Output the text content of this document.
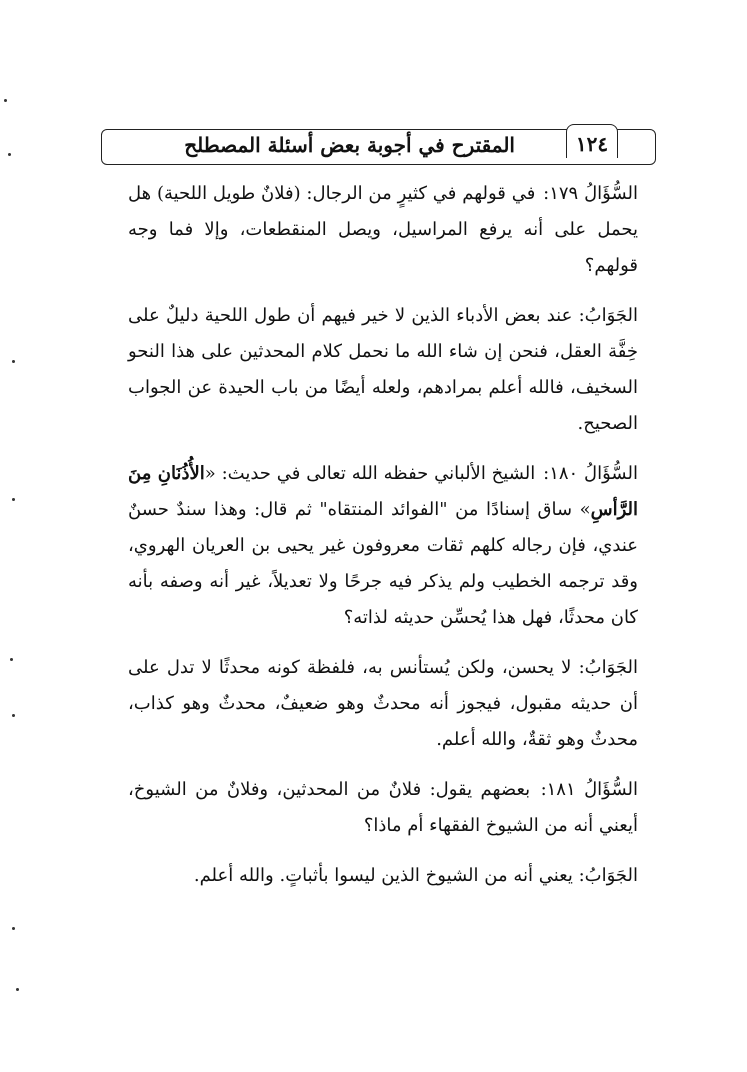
المقترح في أجوبة بعض أسئلة المصطلح	١٢٤

السُّؤَالُ ١٧٩: في قولهم في كثيرٍ من الرجال: (فلانٌ طويل اللحية) هل يحمل على أنه يرفع المراسيل، ويصل المنقطعات، وإلا فما وجه قولهم؟

الجَوَابُ: عند بعض الأدباء الذين لا خير فيهم أن طول اللحية دليلٌ على خِفَّة العقل، فنحن إن شاء الله ما نحمل كلام المحدثين على هذا النحو السخيف، فالله أعلم بمرادهم، ولعله أيضًا من باب الحيدة عن الجواب الصحيح.

السُّؤَالُ ١٨٠: الشيخ الألباني حفظه الله تعالى في حديث: «الأُذُنَانِ مِنَ الرَّأسِ» ساق إسنادًا من "الفوائد المنتقاه" ثم قال: وهذا سندٌ حسنٌ عندي، فإن رجاله كلهم ثقات معروفون غير يحيى بن العريان الهروي، وقد ترجمه الخطيب ولم يذكر فيه جرحًا ولا تعديلاً، غير أنه وصفه بأنه كان محدثًا، فهل هذا يُحسِّن حديثه لذاته؟

الجَوَابُ: لا يحسن، ولكن يُستأنس به، فلفظة كونه محدثًا لا تدل على أن حديثه مقبول، فيجوز أنه محدثٌ وهو ضعيفٌ، محدثٌ وهو كذاب، محدثٌ وهو ثقةٌ، والله أعلم.

السُّؤَالُ ١٨١: بعضهم يقول: فلانٌ من المحدثين، وفلانٌ من الشيوخ، أيعني أنه من الشيوخ الفقهاء أم ماذا؟

الجَوَابُ: يعني أنه من الشيوخ الذين ليسوا بأثباتٍ. والله أعلم.
